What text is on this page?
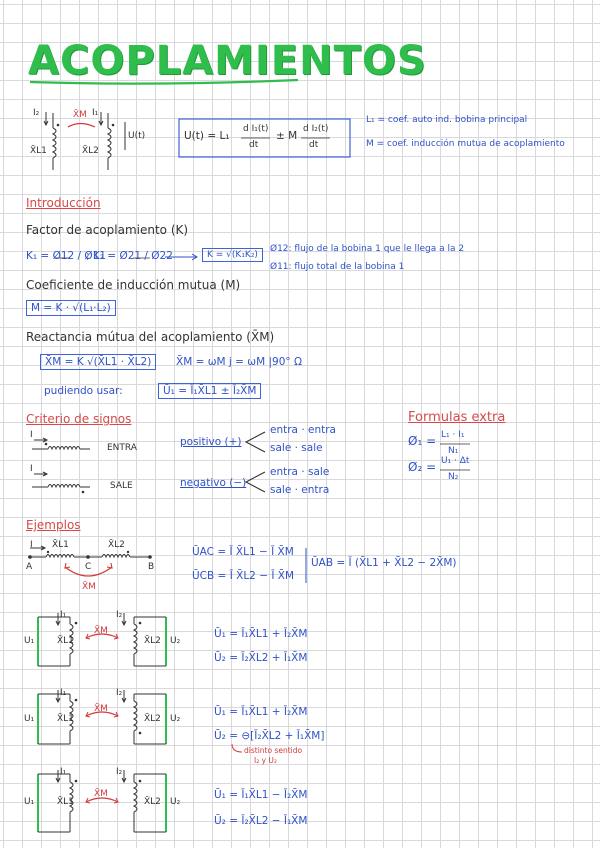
ACOPLAMIENTOS
I₂	I₁
X̄M
X̄L1	X̄L2
U(t)	U(t) = L₁
d I₁(t)
dt
± M
d I₂(t)
dt
L₁ = coef. auto ind. bobina principal
M = coef. inducción mutua de acoplamiento
Introducción
Factor de acoplamiento (K)
K₁ = Ø12 / Ø11
; K₂ = Ø21 / Ø22	K = √(K₁K₂)
Ø12: flujo de la bobina 1 que le llega a la 2
Ø11: flujo total de la bobina 1
Coeficiente de inducción mutua (M)
M = K · √(L₁·L₂)
Reactancia mútua del acoplamiento (X̄M)
X̄M = K √(X̄L1 · X̄L2)	X̄M = ωM j = ωM |90° Ω
pudiendo usar:	Ū₁ = Ī₁X̄L1 ± Ī₂X̄M
Criterio de signos
I
I
ENTRA
SALE
positivo (+)
entra · entra
sale · sale
negativo (−)
entra · sale
sale · entra
Formulas extra
Ø₁ = L₁ · I₁
N₁
Ø₂ = U₁ · Δt
N₂
Ejemplos
I X̄L1	X̄L2
A	C	B
X̄M
ŪAC = Ī X̄L1 − Ī X̄M
ŪCB = Ī X̄L2 − Ī X̄M
ŪAB = Ī (X̄L1 + X̄L2 − 2X̄M)
I₁	I₂
X̄L1	X̄L2
X̄M
U₁	U₂
Ū₁ = Ī₁X̄L1 + Ī₂X̄M
Ū₂ = Ī₂X̄L2 + Ī₁X̄M
I₁	I₂
X̄L1	X̄L2
X̄M
U₁	U₂
Ū₁ = Ī₁X̄L1 + Ī₂X̄M
Ū₂ = ⊖[Ī₂X̄L2 + Ī₁X̄M]
distinto sentido
I₂ y U₂
I₁	I₂
X̄L1	X̄L2
X̄M
U₁	U₂
Ū₁ = Ī₁X̄L1 − Ī₂X̄M
Ū₂ = Ī₂X̄L2 − Ī₁X̄M
